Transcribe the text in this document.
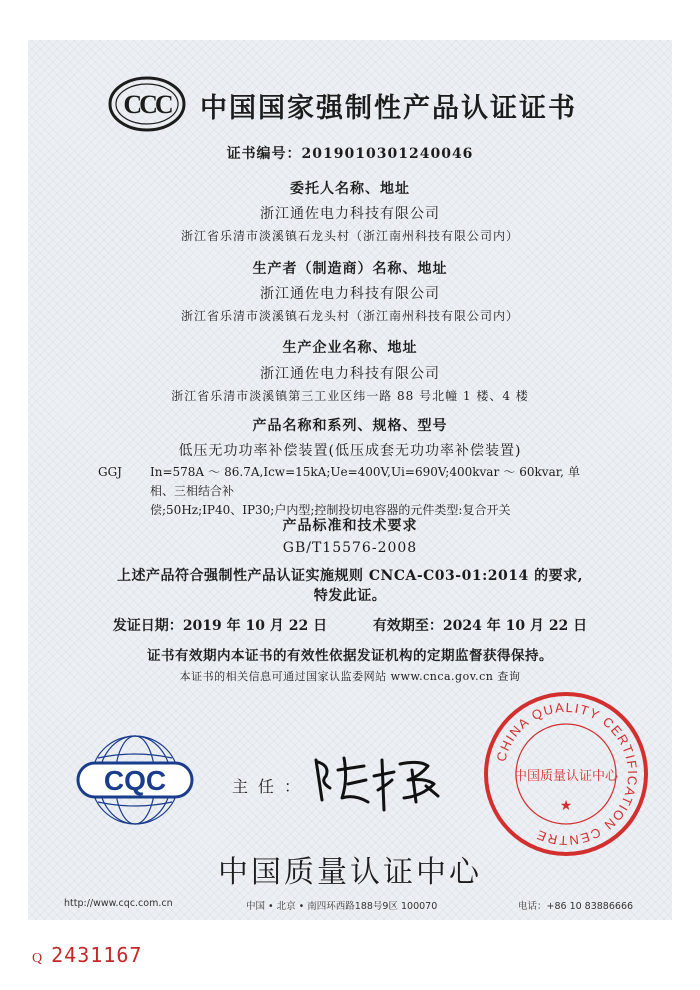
CCC 中国国家强制性产品认证证书
证书编号：2019010301240046
委托人名称、地址
浙江通佐电力科技有限公司
浙江省乐清市淡溪镇石龙头村（浙江南州科技有限公司内）
生产者（制造商）名称、地址
浙江通佐电力科技有限公司
浙江省乐清市淡溪镇石龙头村（浙江南州科技有限公司内）
生产企业名称、地址
浙江通佐电力科技有限公司
浙江省乐清市淡溪镇第三工业区纬一路 88 号北幢 1 楼、4 楼
产品名称和系列、规格、型号
低压无功功率补偿装置(低压成套无功功率补偿装置)
GGJ In=578A～86.7A,Icw=15kA;Ue=400V,Ui=690V;400kvar～60kvar,单相、三相结合补
偿;50Hz;IP40、IP30;户内型;控制投切电容器的元件类型:复合开关
产品标准和技术要求
GB/T15576-2008
上述产品符合强制性产品认证实施规则 CNCA-C03-01:2014 的要求,
特发此证。
发证日期：2019 年 10 月 22 日	有效期至：2024 年 10 月 22 日
证书有效期内本证书的有效性依据发证机构的定期监督获得保持。
本证书的相关信息可通过国家认监委网站 www.cnca.gov.cn 查询
CQC	主任：
CHINA QUALITY CERTIFICATION CENTRE
中国质量认证中心
★
中国质量认证中心
http://www.cqc.com.cn	中国 • 北京 • 南四环西路188号9区 100070	电话：+86 10 83886666
Q 2431167
